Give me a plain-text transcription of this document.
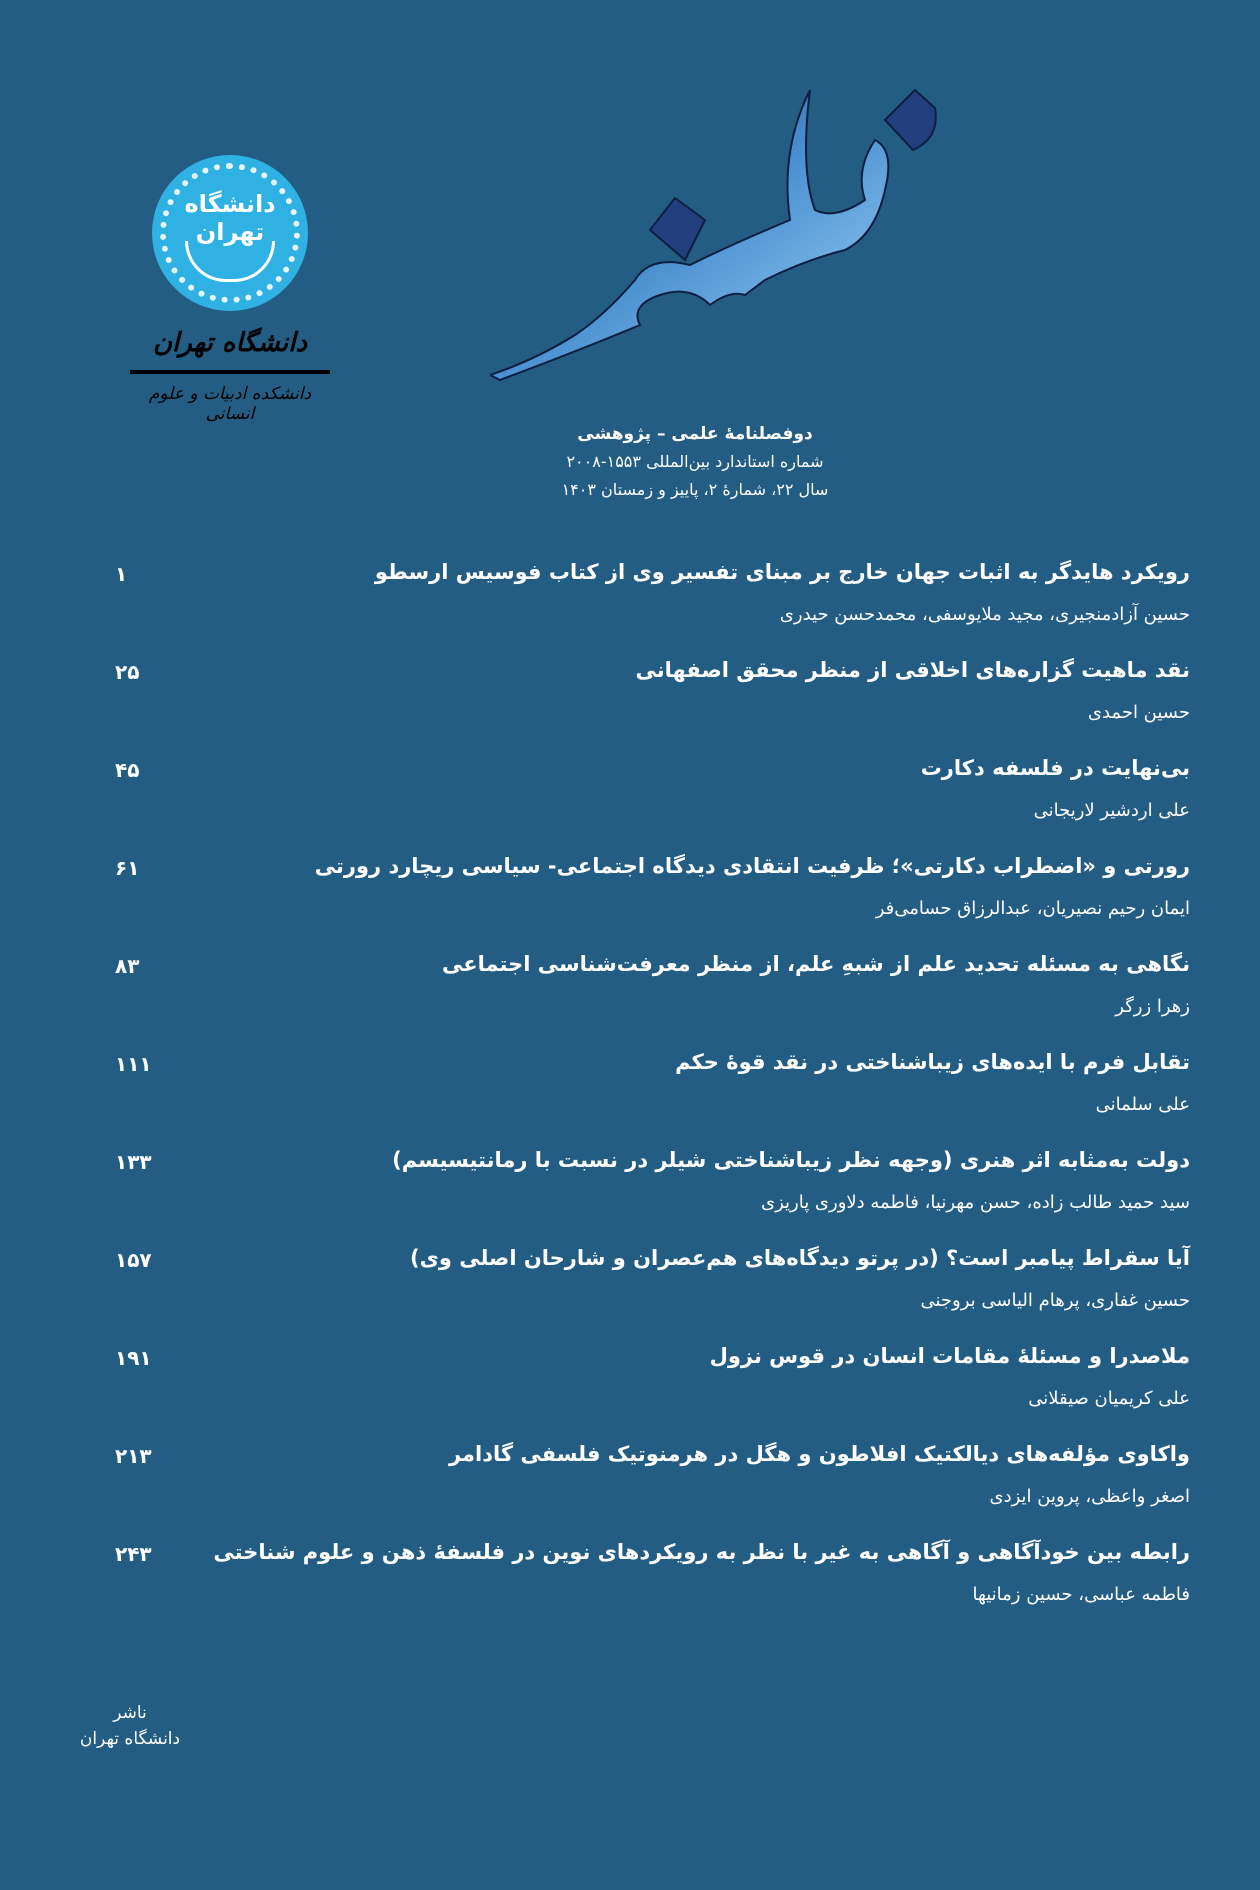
دانشگاه تهران
دانشگاه تهران
دانشکده ادبیات و علوم انسانی
دوفصلنامهٔ علمی – پژوهشی
شماره استاندارد بین‌المللی ۱۵۵۳-۲۰۰۸
سال ۲۲، شمارهٔ ۲، پاییز و زمستان ۱۴۰۳
رویکرد هایدگر به اثبات جهان خارج بر مبنای تفسیر وی از کتاب فوسیس ارسطو
حسین آزادمنجیری، مجید ملایوسفی، محمدحسن حیدری
۱
نقد ماهیت گزاره‌های اخلاقی از منظر محقق اصفهانی
حسین احمدی
۲۵
بی‌نهایت در فلسفه دکارت
علی اردشیر لاریجانی
۴۵
رورتی و «اضطراب دکارتی»؛ ظرفیت انتقادی دیدگاه اجتماعی- سیاسی ریچارد رورتی
ایمان رحیم نصیریان، عبدالرزاق حسامی‌فر
۶۱
نگاهی به مسئله تحدید علم از شبهِ علم، از منظر معرفت‌شناسی اجتماعی
زهرا زرگر
۸۳
تقابل فرم با ایده‌های زیباشناختی در نقد قوهٔ حکم
علی سلمانی
۱۱۱
دولت به‌مثابه اثر هنری (وجهه نظر زیباشناختی شیلر در نسبت با رمانتیسیسم)
سید حمید طالب زاده، حسن مهرنیا، فاطمه دلاوری پاریزی
۱۳۳
آیا سقراط پیامبر است؟ (در پرتو دیدگاه‌های هم‌عصران و شارحان اصلی وی)
حسین غفاری، پرهام الیاسی بروجنی
۱۵۷
ملاصدرا و مسئلهٔ مقامات انسان در قوس نزول
علی کریمیان صیقلانی
۱۹۱
واکاوی مؤلفه‌های دیالکتیک افلاطون و هگل در هرمنوتیک فلسفی گادامر
اصغر واعظی، پروین ایزدی
۲۱۳
رابطه بین خودآگاهی و آگاهی به غیر با نظر به رویکردهای نوین در فلسفهٔ ذهن و علوم شناختی
فاطمه عباسی، حسین زمانیها
۲۴۳
ناشر
دانشگاه تهران
